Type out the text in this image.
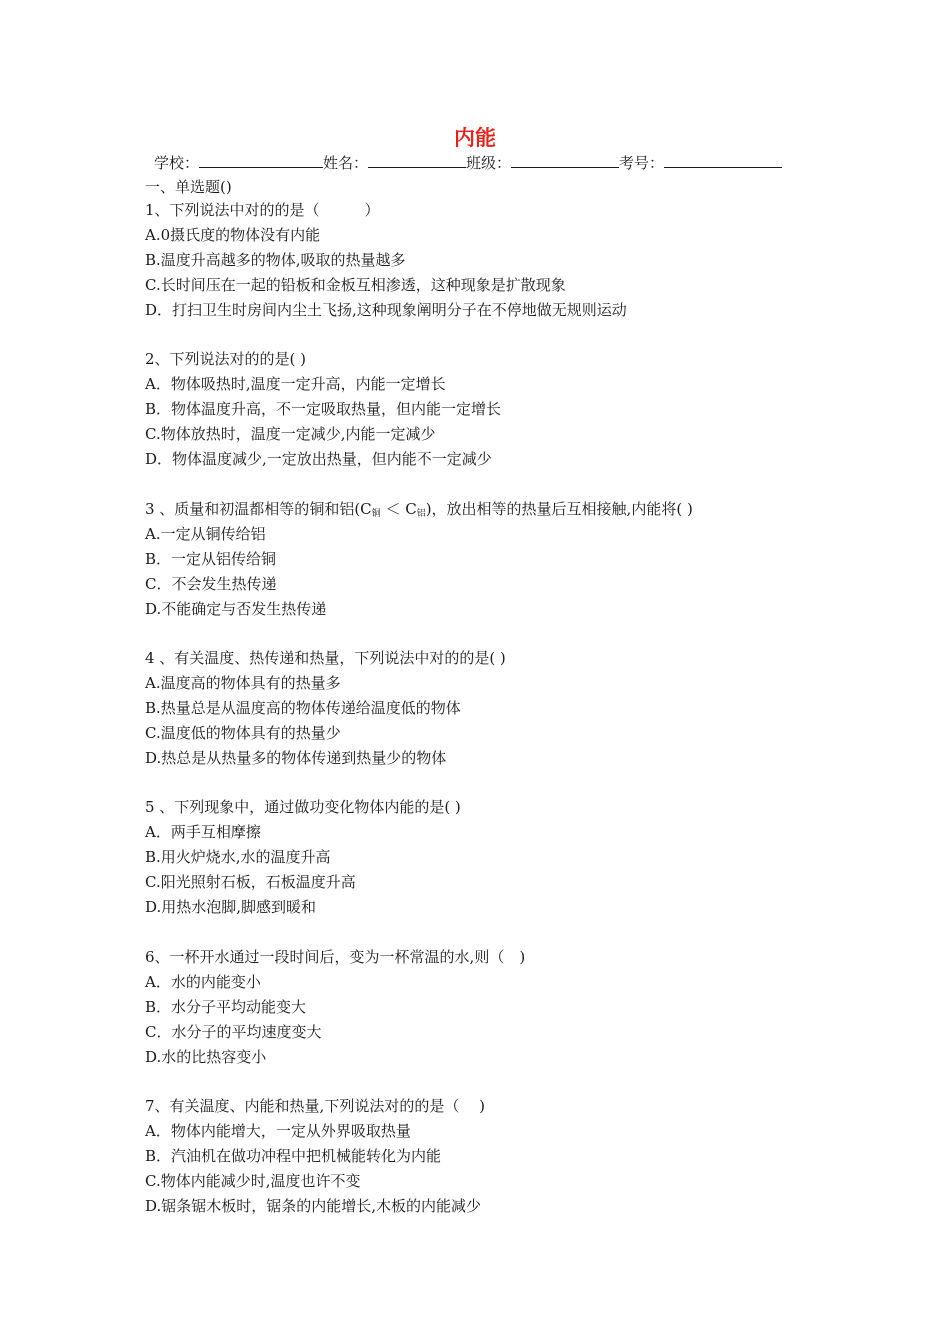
内能
学校：	姓名：	班级：	考号：
一、单选题()
1、下列说法中对的的是（　　　）
A.0摄氏度的物体没有内能
B.温度升高越多的物体,吸取的热量越多
C.长时间压在一起的铅板和金板互相渗透，这种现象是扩散现象
D．打扫卫生时房间内尘土飞扬,这种现象阐明分子在不停地做无规则运动
2、下列说法对的的是( )
A．物体吸热时,温度一定升高，内能一定增长
B．物体温度升高，不一定吸取热量，但内能一定增长
C.物体放热时，温度一定减少,内能一定减少
D．物体温度减少,一定放出热量，但内能不一定减少
3 、质量和初温都相等的铜和铝$(C_铜 < C_铝)$，放出相等的热量后互相接触,内能将( )
A.一定从铜传给铝
B．一定从铝传给铜
C．不会发生热传递
D.不能确定与否发生热传递
4 、有关温度、热传递和热量，下列说法中对的的是( )
A.温度高的物体具有的热量多
B.热量总是从温度高的物体传递给温度低的物体
C.温度低的物体具有的热量少
D.热总是从热量多的物体传递到热量少的物体
5 、下列现象中，通过做功变化物体内能的是( )
A．两手互相摩擦
B.用火炉烧水,水的温度升高
C.阳光照射石板，石板温度升高
D.用热水泡脚,脚感到暖和
6、一杯开水通过一段时间后，变为一杯常温的水,则（　)
A．水的内能变小
B．水分子平均动能变大
C．水分子的平均速度变大
D.水的比热容变小
7、有关温度、内能和热量,下列说法对的的是（　 )
A．物体内能增大，一定从外界吸取热量
B．汽油机在做功冲程中把机械能转化为内能
C.物体内能减少时,温度也许不变
D.锯条锯木板时，锯条的内能增长,木板的内能减少
